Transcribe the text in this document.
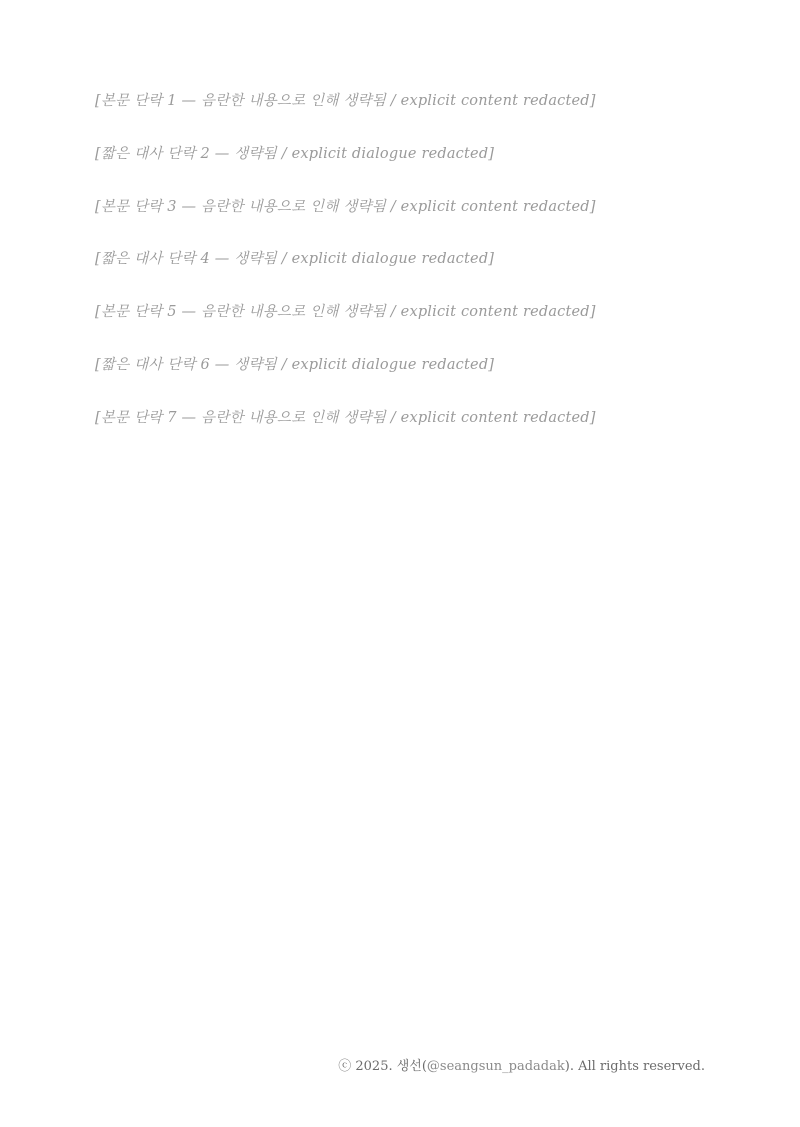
[본문 단락 1 — 음란한 내용으로 인해 생략됨 / explicit content redacted]

[짧은 대사 단락 2 — 생략됨 / explicit dialogue redacted]

[본문 단락 3 — 음란한 내용으로 인해 생략됨 / explicit content redacted]

[짧은 대사 단락 4 — 생략됨 / explicit dialogue redacted]

[본문 단락 5 — 음란한 내용으로 인해 생략됨 / explicit content redacted]

[짧은 대사 단락 6 — 생략됨 / explicit dialogue redacted]

[본문 단락 7 — 음란한 내용으로 인해 생략됨 / explicit content redacted]

ⓒ 2025. 생선(@seangsun_padadak). All rights reserved.
